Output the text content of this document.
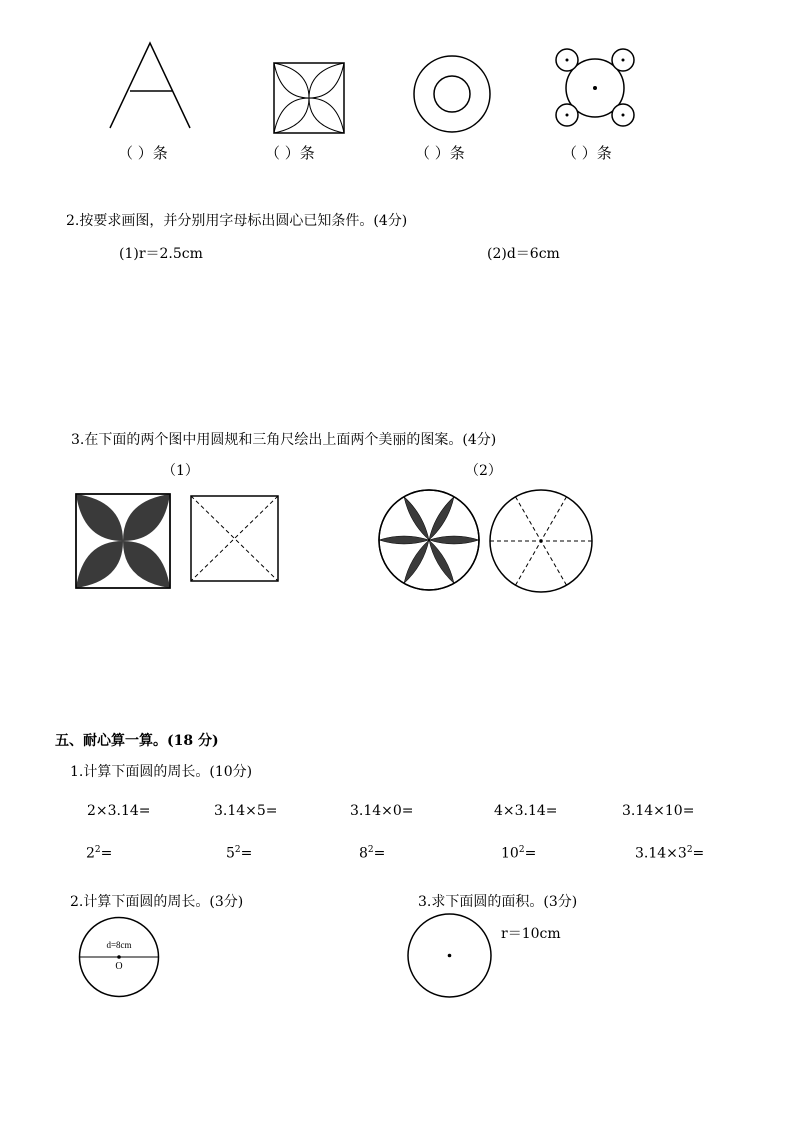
（ ）条	（ ）条	（ ）条	（ ）条
2.按要求画图，并分别用字母标出圆心已知条件。(4分)
(1)r＝2.5cm	(2)d＝6cm
3.在下面的两个图中用圆规和三角尺绘出上面两个美丽的图案。(4分)
（1）	（2）
五、耐心算一算。(18 分)
1.计算下面圆的周长。(10分)
2×3.14=	3.14×5=	3.14×0=	4×3.14=	3.14×10=
$2^2=$	$5^2=$	$8^2=$	$10^2=$	$3.14\times 3^2=$
2.计算下面圆的周长。(3分)	3.求下面圆的面积。(3分)
d=8cm
O
r＝10cm
